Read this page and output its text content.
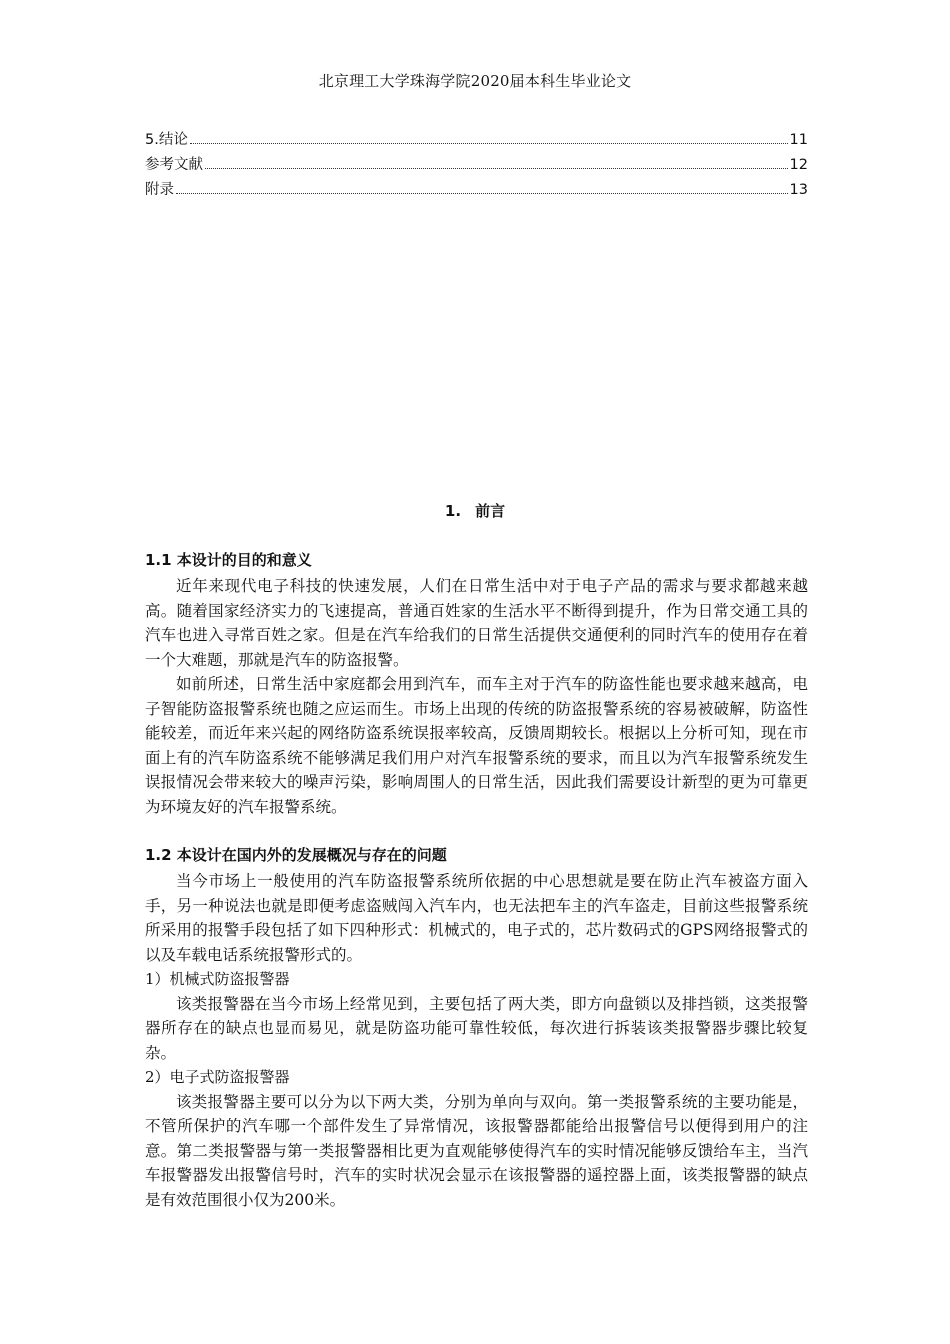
北京理工大学珠海学院2020届本科生毕业论文
5.结论	11
参考文献	12
附录	13
1. 前言
1.1 本设计的目的和意义

近年来现代电子科技的快速发展，人们在日常生活中对于电子产品的需求与要求都越来越高。随着国家经济实力的飞速提高，普通百姓家的生活水平不断得到提升，作为日常交通工具的汽车也进入寻常百姓之家。但是在汽车给我们的日常生活提供交通便利的同时汽车的使用存在着一个大难题，那就是汽车的防盗报警。

如前所述，日常生活中家庭都会用到汽车，而车主对于汽车的防盗性能也要求越来越高，电子智能防盗报警系统也随之应运而生。市场上出现的传统的防盗报警系统的容易被破解，防盗性能较差，而近年来兴起的网络防盗系统误报率较高，反馈周期较长。根据以上分析可知，现在市面上有的汽车防盗系统不能够满足我们用户对汽车报警系统的要求，而且以为汽车报警系统发生误报情况会带来较大的噪声污染，影响周围人的日常生活，因此我们需要设计新型的更为可靠更为环境友好的汽车报警系统。

1.2 本设计在国内外的发展概况与存在的问题

当今市场上一般使用的汽车防盗报警系统所依据的中心思想就是要在防止汽车被盗方面入手，另一种说法也就是即便考虑盗贼闯入汽车内，也无法把车主的汽车盗走，目前这些报警系统所采用的报警手段包括了如下四种形式：机械式的，电子式的，芯片数码式的GPS网络报警式的以及车载电话系统报警形式的。

1）机械式防盗报警器

该类报警器在当今市场上经常见到，主要包括了两大类，即方向盘锁以及排挡锁，这类报警器所存在的缺点也显而易见，就是防盗功能可靠性较低，每次进行拆装该类报警器步骤比较复杂。

2）电子式防盗报警器

该类报警器主要可以分为以下两大类，分别为单向与双向。第一类报警系统的主要功能是，不管所保护的汽车哪一个部件发生了异常情况，该报警器都能给出报警信号以便得到用户的注意。第二类报警器与第一类报警器相比更为直观能够使得汽车的实时情况能够反馈给车主，当汽车报警器发出报警信号时，汽车的实时状况会显示在该报警器的遥控器上面，该类报警器的缺点是有效范围很小仅为200米。
